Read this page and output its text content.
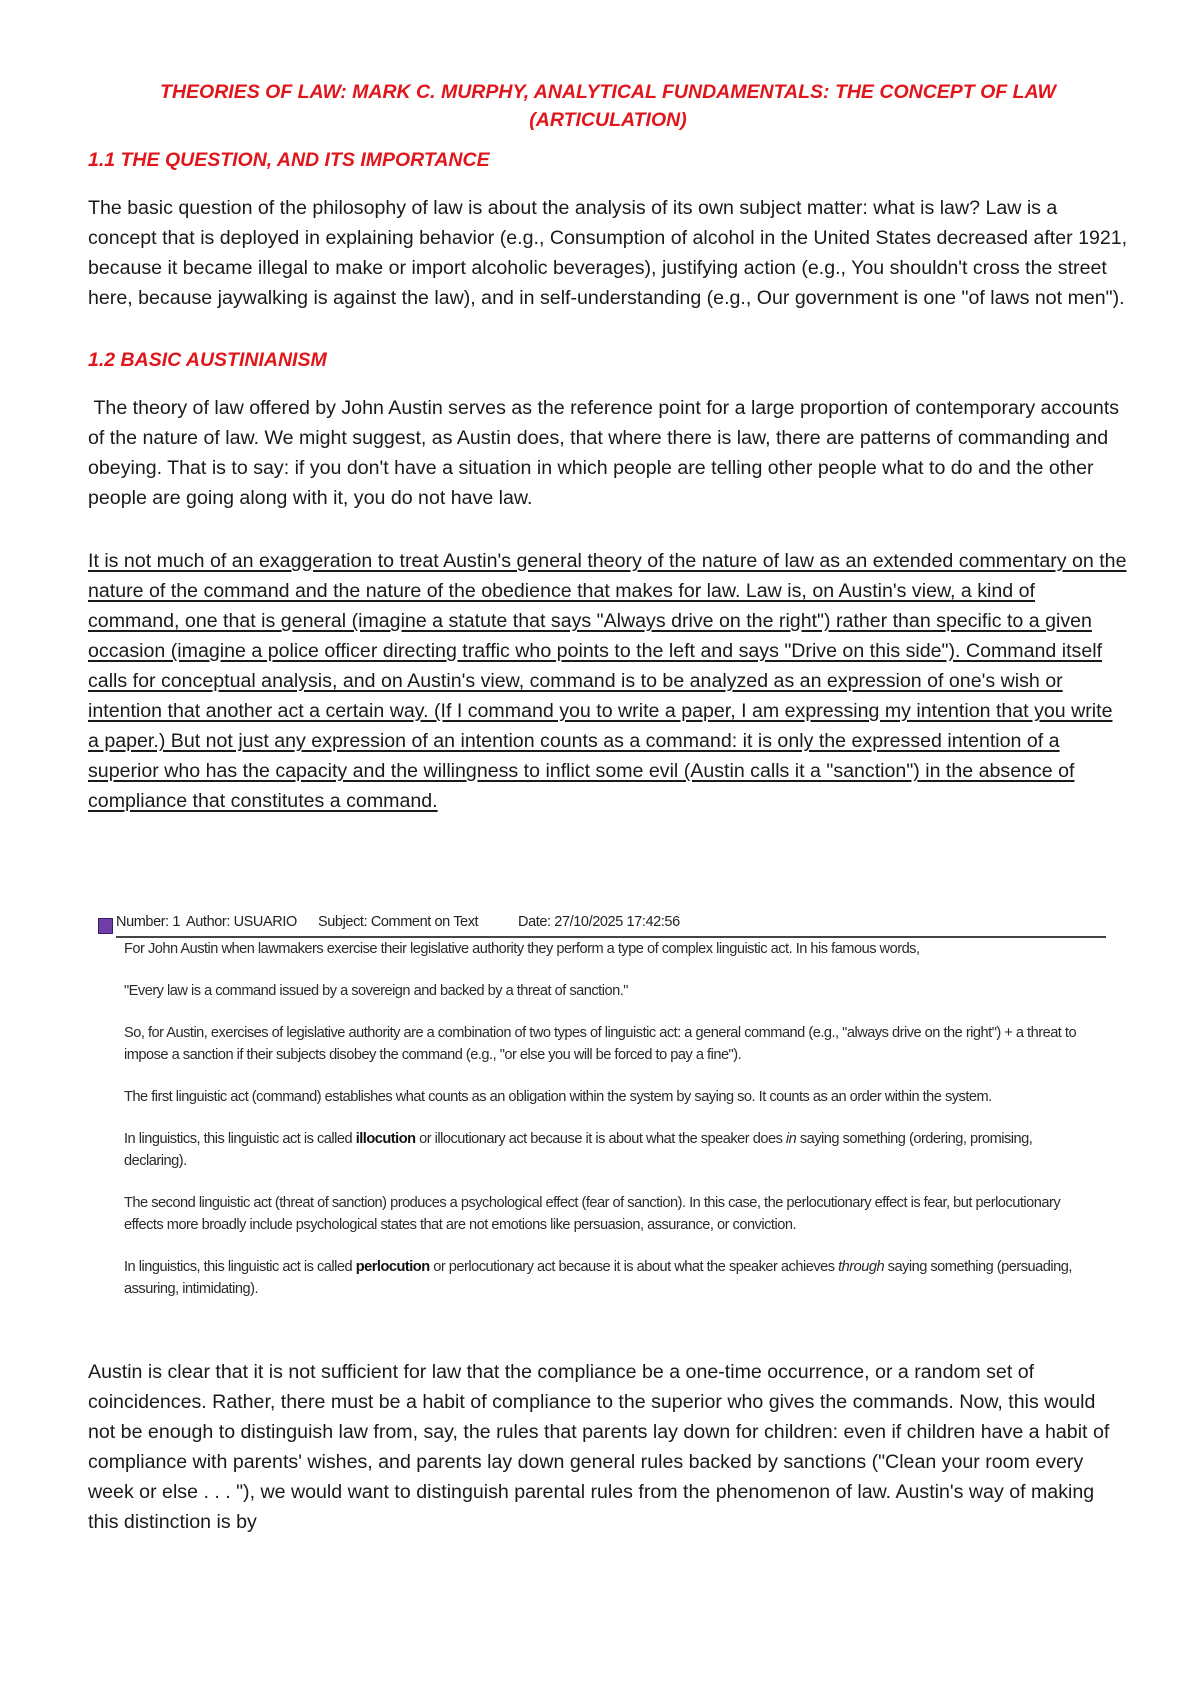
THEORIES OF LAW: MARK C. MURPHY, ANALYTICAL FUNDAMENTALS: THE CONCEPT OF LAW
(ARTICULATION)
1.1 THE QUESTION, AND ITS IMPORTANCE

The basic question of the philosophy of law is about the analysis of its own subject matter: what is law? Law is a concept that is deployed in explaining behavior (e.g., Consumption of alcohol in the United States decreased after 1921, because it became illegal to make or import alcoholic beverages), justifying action (e.g., You shouldn't cross the street here, because jaywalking is against the law), and in self-understanding (e.g., Our government is one "of laws not men").

1.2 BASIC AUSTINIANISM

The theory of law offered by John Austin serves as the reference point for a large proportion of contemporary accounts of the nature of law. We might suggest, as Austin does, that where there is law, there are patterns of commanding and obeying. That is to say: if you don't have a situation in which people are telling other people what to do and the other people are going along with it, you do not have law.

It is not much of an exaggeration to treat Austin's general theory of the nature of law as an extended commentary on the nature of the command and the nature of the obedience that makes for law. Law is, on Austin's view, a kind of command, one that is general (imagine a statute that says "Always drive on the right") rather than specific to a given occasion (imagine a police officer directing traffic who points to the left and says "Drive on this side"). Command itself calls for conceptual analysis, and on Austin's view, command is to be analyzed as an expression of one's wish or intention that another act a certain way. (If I command you to write a paper, I am expressing my intention that you write a paper.) But not just any expression of an intention counts as a command: it is only the expressed intention of a superior who has the capacity and the willingness to inflict some evil (Austin calls it a "sanction") in the absence of compliance that constitutes a command.

Number: 1 Author: USUARIO Subject: Comment on Text	Date: 27/10/2025 17:42:56
For John Austin when lawmakers exercise their legislative authority they perform a type of complex linguistic act. In his famous words,
"Every law is a command issued by a sovereign and backed by a threat of sanction."
So, for Austin, exercises of legislative authority are a combination of two types of linguistic act: a general command (e.g., "always drive on the right") + a threat to
impose a sanction if their subjects disobey the command (e.g., "or else you will be forced to pay a fine").
The first linguistic act (command) establishes what counts as an obligation within the system by saying so. It counts as an order within the system.
In linguistics, this linguistic act is called illocution or illocutionary act because it is about what the speaker does in saying something (ordering, promising,
declaring).
The second linguistic act (threat of sanction) produces a psychological effect (fear of sanction). In this case, the perlocutionary effect is fear, but perlocutionary
effects more broadly include psychological states that are not emotions like persuasion, assurance, or conviction.
In linguistics, this linguistic act is called perlocution or perlocutionary act because it is about what the speaker achieves through saying something (persuading,
assuring, intimidating).

Austin is clear that it is not sufficient for law that the compliance be a one-time occurrence, or a random set of coincidences. Rather, there must be a habit of compliance to the superior who gives the commands. Now, this would not be enough to distinguish law from, say, the rules that parents lay down for children: even if children have a habit of compliance with parents' wishes, and parents lay down general rules backed by sanctions ("Clean your room every week or else . . . "), we would want to distinguish parental rules from the phenomenon of law. Austin's way of making this distinction is by
